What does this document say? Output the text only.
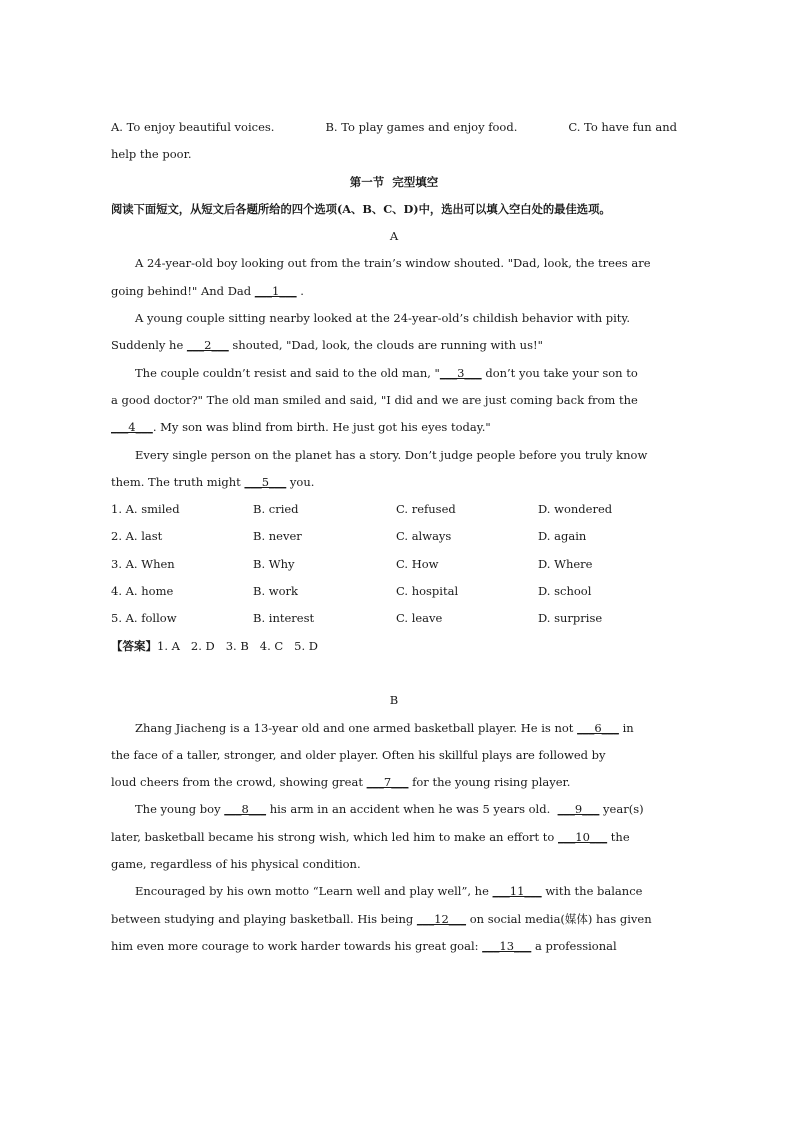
A. To enjoy beautiful voices.	B. To play games and enjoy food.	C. To have fun and
help the poor.
第一节  完型填空
阅读下面短文，从短文后各题所给的四个选项(A、B、C、D)中，选出可以填入空白处的最佳选项。
A
A 24-year-old boy looking out from the train’s window shouted. "Dad, look, the trees are
going behind!" And Dad ___1___ .
A young couple sitting nearby looked at the 24-year-old’s childish behavior with pity.
Suddenly he ___2___ shouted, "Dad, look, the clouds are running with us!"
The couple couldn’t resist and said to the old man, "___3___ don’t you take your son to
a good doctor?" The old man smiled and said, "I did and we are just coming back from the
___4___. My son was blind from birth. He just got his eyes today."
Every single person on the planet has a story. Don’t judge people before you truly know
them. The truth might ___5___ you.
1. A. smiled	B. cried	C. refused	D. wondered
2. A. last	B. never	C. always	D. again
3. A. When	B. Why	C. How	D. Where
4. A. home	B. work	C. hospital	D. school
5. A. follow	B. interest	C. leave	D. surprise
【答案】1. A   2. D   3. B   4. C   5. D
B
Zhang Jiacheng is a 13-year old and one armed basketball player. He is not ___6___ in
the face of a taller, stronger, and older player. Often his skillful plays are followed by
loud cheers from the crowd, showing great ___7___ for the young rising player.
The young boy ___8___ his arm in an accident when he was 5 years old. ___9___ year(s)
later, basketball became his strong wish, which led him to make an effort to ___10___ the
game, regardless of his physical condition.
Encouraged by his own motto “Learn well and play well”, he ___11___ with the balance
between studying and playing basketball. His being ___12___ on social media(媒体) has given
him even more courage to work harder towards his great goal: ___13___ a professional
